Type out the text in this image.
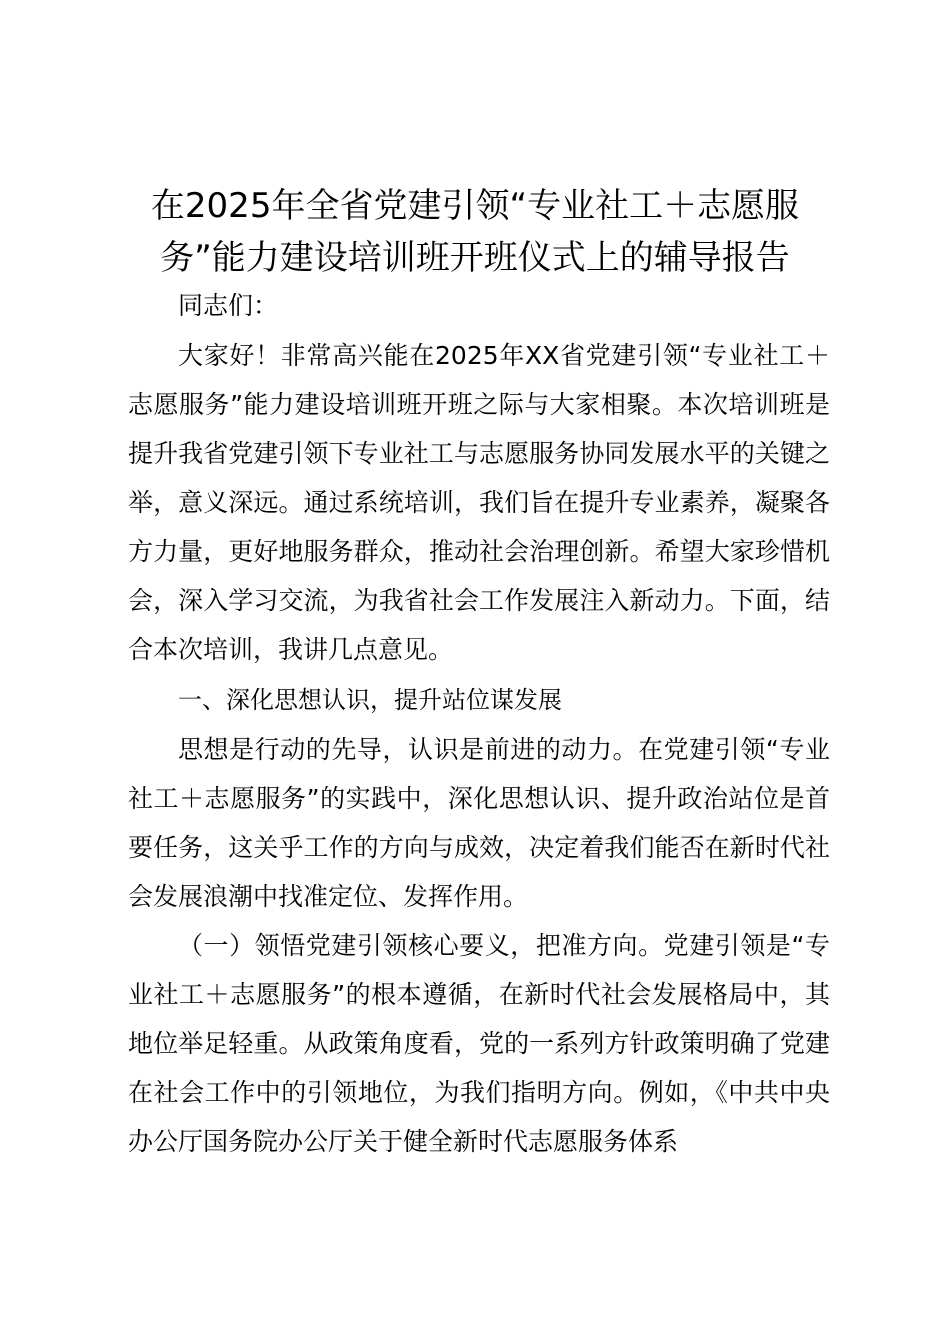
在2025年全省党建引领“专业社工＋志愿服务”能力建设培训班开班仪式上的辅导报告

同志们：

大家好！非常高兴能在2025年XX省党建引领“专业社工＋志愿服务”能力建设培训班开班之际与大家相聚。本次培训班是提升我省党建引领下专业社工与志愿服务协同发展水平的关键之举，意义深远。通过系统培训，我们旨在提升专业素养，凝聚各方力量，更好地服务群众，推动社会治理创新。希望大家珍惜机会，深入学习交流，为我省社会工作发展注入新动力。下面，结合本次培训，我讲几点意见。

一、深化思想认识，提升站位谋发展

思想是行动的先导，认识是前进的动力。在党建引领“专业社工＋志愿服务”的实践中，深化思想认识、提升政治站位是首要任务，这关乎工作的方向与成效，决定着我们能否在新时代社会发展浪潮中找准定位、发挥作用。

（一）领悟党建引领核心要义，把准方向。党建引领是“专业社工＋志愿服务”的根本遵循，在新时代社会发展格局中，其地位举足轻重。从政策角度看，党的一系列方针政策明确了党建在社会工作中的引领地位，为我们指明方向。例如，《中共中央办公厅国务院办公厅关于健全新时代志愿服务体系
